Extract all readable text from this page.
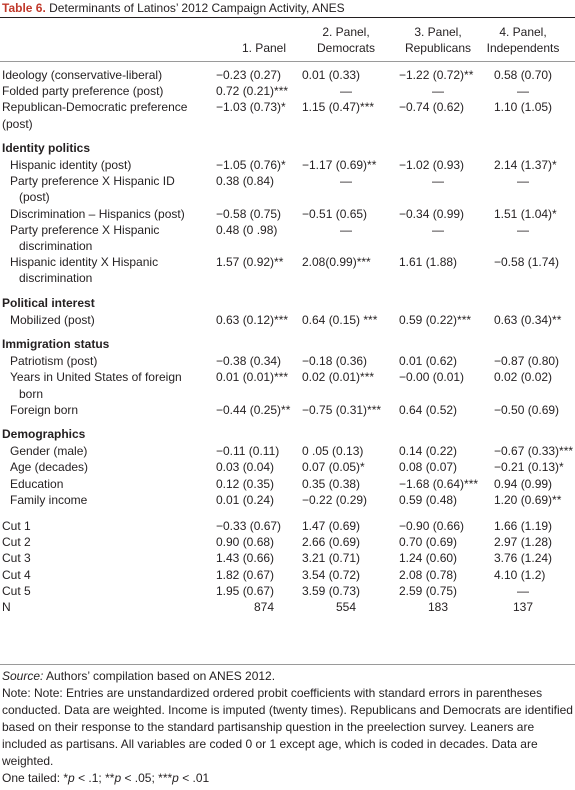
Table 6. Determinants of Latinos’ 2012 Campaign Activity, ANES

1. Panel
2. Panel,
Democrats
3. Panel,
Republicans
4. Panel,
Independents
Ideology (conservative-liberal)	−0.23 (0.27) 0.01 (0.33)	−1.22 (0.72)** 0.58 (0.70)
Folded party preference (post)	0.72 (0.21)***	—	—	—
Republican-Democratic preference
(post)
−1.03 (0.73)* 1.15 (0.47)*** −0.74 (0.62) 1.10 (1.05)
Identity politics
Hispanic identity (post)	−1.05 (0.76)* −1.17 (0.69)** −1.02 (0.93) 2.14 (1.37)*
Party preference X Hispanic ID
(post)
0.38 (0.84)	—	—	—
Discrimination – Hispanics (post)	−0.58 (0.75) −0.51 (0.65)	−0.34 (0.99) 1.51 (1.04)*
Party preference X Hispanic
discrimination
0.48 (0 .98)	—	—	—
Hispanic identity X Hispanic
discrimination
1.57 (0.92)** 2.08(0.99)*** 1.61 (1.88)	−0.58 (1.74)
Political interest
Mobilized (post)	0.63 (0.12)*** 0.64 (0.15) *** 0.59 (0.22)*** 0.63 (0.34)**
Immigration status
Patriotism (post)	−0.38 (0.34) −0.18 (0.36)	0.01 (0.62)	−0.87 (0.80)
Years in United States of foreign
born
0.01 (0.01)*** 0.02 (0.01)*** −0.00 (0.01) 0.02 (0.02)
Foreign born	−0.44 (0.25)** −0.75 (0.31)*** 0.64 (0.52)	−0.50 (0.69)
Demographics
Gender (male)	−0.11 (0.11) 0 .05 (0.13)	0.14 (0.22)	−0.67 (0.33)***
Age (decades)	0.03 (0.04) 0.07 (0.05)*	0.08 (0.07)	−0.21 (0.13)*
Education	0.12 (0.35) 0.35 (0.38)	−1.68 (0.64)*** 0.94 (0.99)
Family income	0.01 (0.24) −0.22 (0.29)	0.59 (0.48)	1.20 (0.69)**
Cut 1	−0.33 (0.67) 1.47 (0.69)	−0.90 (0.66) 1.66 (1.19)
Cut 2	0.90 (0.68) 2.66 (0.69)	0.70 (0.69)	2.97 (1.28)
Cut 3	1.43 (0.66) 3.21 (0.71)	1.24 (0.60)	3.76 (1.24)
Cut 4	1.82 (0.67) 3.54 (0.72)	2.08 (0.78)	4.10 (1.2)
Cut 5	1.95 (0.67) 3.59 (0.73)	2.59 (0.75)	—
N	874	554	183	137
Source: Authors’ compilation based on ANES 2012.
Note: Note: Entries are unstandardized ordered probit coefficients with standard errors in parentheses conducted. Data are weighted. Income is imputed (twenty times). Republicans and Democrats are identified based on their response to the standard partisanship question in the preelection survey. Leaners are included as partisans. All variables are coded 0 or 1 except age, which is coded in decades. Data are weighted.
One tailed: *p < .1; **p < .05; ***p < .01
